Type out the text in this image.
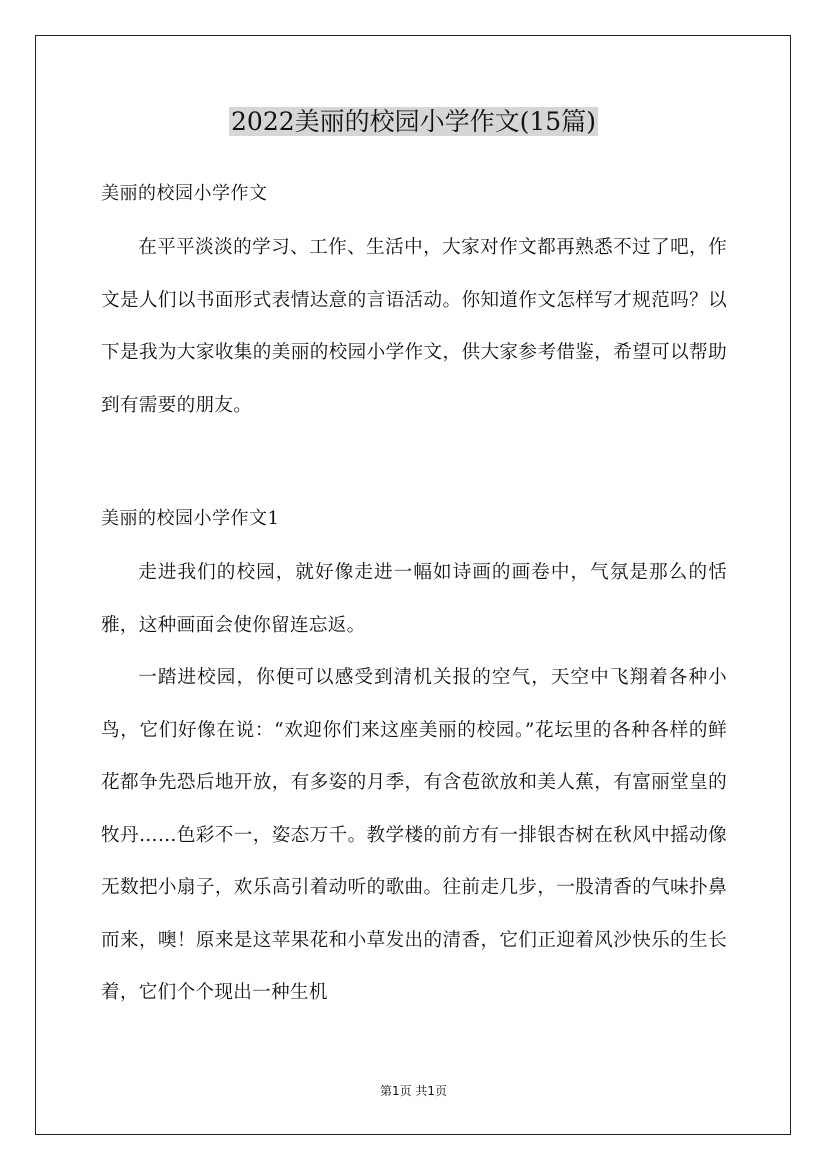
2022美丽的校园小学作文(15篇)
美丽的校园小学作文

在平平淡淡的学习、工作、生活中，大家对作文都再熟悉不过了吧，作文是人们以书面形式表情达意的言语活动。你知道作文怎样写才规范吗？以下是我为大家收集的美丽的校园小学作文，供大家参考借鉴，希望可以帮助到有需要的朋友。

美丽的校园小学作文1

走进我们的校园，就好像走进一幅如诗画的画卷中，气氛是那么的恬雅，这种画面会使你留连忘返。

一踏进校园，你便可以感受到清机关报的空气，天空中飞翔着各种小鸟，它们好像在说：“欢迎你们来这座美丽的校园。”花坛里的各种各样的鲜花都争先恐后地开放，有多姿的月季，有含苞欲放和美人蕉，有富丽堂皇的牧丹……色彩不一，姿态万千。教学楼的前方有一排银杏树在秋风中摇动像无数把小扇子，欢乐高引着动听的歌曲。往前走几步，一股清香的气味扑鼻而来，噢！原来是这苹果花和小草发出的清香，它们正迎着风沙快乐的生长着，它们个个现出一种生机

第1页 共1页
